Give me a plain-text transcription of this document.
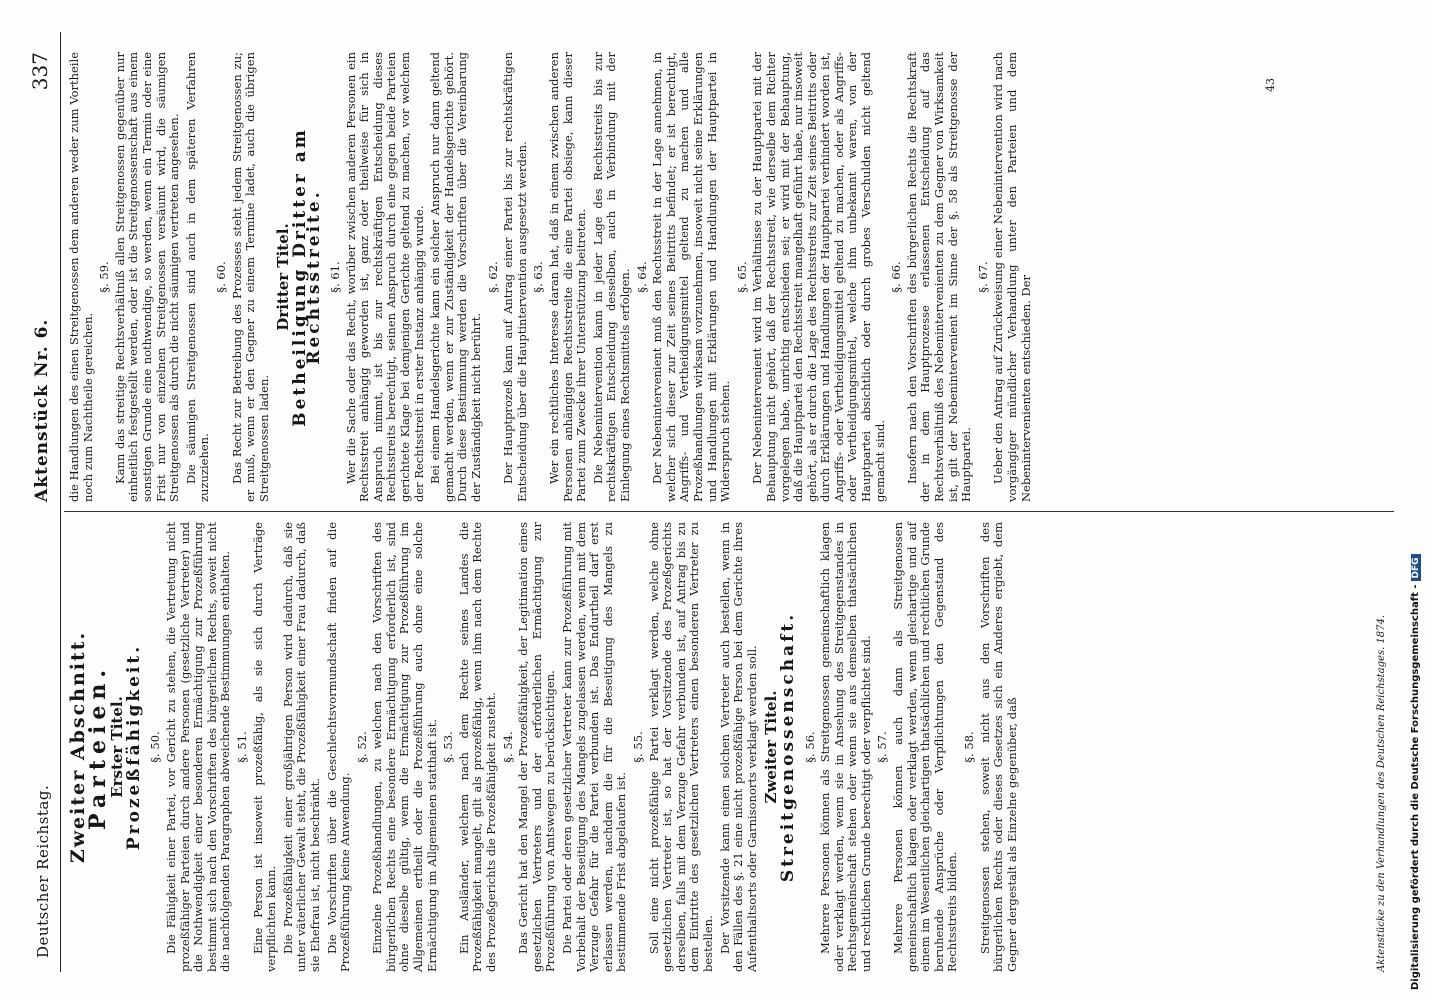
Deutscher Reichstag.
Aktenstück Nr. 6.
337
Zweiter Abschnitt.
Parteien.
Erster Titel.
Prozeßfähigkeit. §. 50. Die Fähigkeit einer Partei, vor Gericht zu stehen, die Vertretung nicht prozeßfähiger Parteien durch andere Personen (gesetzliche Vertreter) und die Nothwendigkeit einer besonderen Ermächtigung zur Prozeßführung bestimmt sich nach den Vorschriften des bürgerlichen Rechts, soweit nicht die nachfolgenden Paragraphen abweichende Bestimmungen enthalten. §. 51. Eine Person ist insoweit prozeßfähig, als sie sich durch Verträge verpflichten kann. Die Prozeßfähigkeit einer großjährigen Person wird dadurch, daß sie unter väterlicher Gewalt steht, die Prozeßfähigkeit einer Frau dadurch, daß sie Ehefrau ist, nicht beschränkt. Die Vorschriften über die Geschlechtsvormundschaft finden auf die Prozeßführung keine Anwendung.

§. 52. Einzelne Prozeßhandlungen, zu welchen nach den Vorschriften des bürgerlichen Rechts eine besondere Ermächtigung erforderlich ist, sind ohne dieselbe gültig, wenn die Ermächtigung zur Prozeßführung im Allgemeinen ertheilt oder die Prozeßführung auch ohne eine solche Ermächtigung im Allgemeinen statthaft ist. §. 53. Ein Ausländer, welchem nach dem Rechte seines Landes die Prozeßfähigkeit mangelt, gilt als prozeßfähig, wenn ihm nach dem Rechte des Prozeßgerichts die Prozeßfähigkeit zusteht. §. 54. Das Gericht hat den Mangel der Prozeßfähigkeit, der Legitimation eines gesetzlichen Vertreters und der erforderlichen Ermächtigung zur Prozeßführung von Amtswegen zu berücksichtigen. Die Partei oder deren gesetzlicher Vertreter kann zur Prozeßführung mit Vorbehalt der Beseitigung des Mangels zugelassen werden, wenn mit dem Verzuge Gefahr für die Partei verbunden ist. Das Endurtheil darf erst erlassen werden, nachdem die für die Beseitigung des Mangels zu bestimmende Frist abgelaufen ist.

§. 55. Soll eine nicht prozeßfähige Partei verklagt werden, welche ohne gesetzlichen Vertreter ist, so hat der Vorsitzende des Prozeßgerichts derselben, falls mit dem Verzuge Gefahr verbunden ist, auf Antrag bis zu dem Eintritte des gesetzlichen Vertreters einen besonderen Vertreter zu bestellen. Der Vorsitzende kann einen solchen Vertreter auch bestellen, wenn in den Fällen des §. 21 eine nicht prozeßfähige Person bei dem Gerichte ihres Aufenthaltsorts oder Garnisonorts verklagt werden soll. Zweiter Titel.
Streitgenossenschaft. §. 56. Mehrere Personen können als Streitgenossen gemeinschaftlich klagen oder verklagt werden, wenn sie in Ansehung des Streitgegenstandes in Rechtsgemeinschaft stehen oder wenn sie aus demselben thatsächlichen und rechtlichen Grunde berechtigt oder verpflichtet sind. §. 57. Mehrere Personen können auch dann als Streitgenossen gemeinschaftlich klagen oder verklagt werden, wenn gleichartige und auf einem im Wesentlichen gleichartigen thatsächlichen und rechtlichen Grunde beruhende Ansprüche oder Verpflichtungen den Gegenstand des Rechtsstreits bilden.

§. 58. Streitgenossen stehen, soweit nicht aus den Vorschriften des bürgerlichen Rechts oder dieses Gesetzes sich ein Anderes ergiebt, dem Gegner dergestalt als Einzelne gegenüber, daß

die Handlungen des einen Streitgenossen dem anderen weder zum Vortheile noch zum Nachtheile gereichen.

§. 59. Kann das streitige Rechtsverhältniß allen Streitgenossen gegenüber nur einheitlich festgestellt werden, oder ist die Streitgenossenschaft aus einem sonstigen Grunde eine nothwendige, so werden, wenn ein Termin oder eine Frist nur von einzelnen Streitgenossen versäumt wird, die säumigen Streitgenossen als durch die nicht säumigen vertreten angesehen. Die säumigen Streitgenossen sind auch in dem späteren Verfahren zuzuziehen.

§. 60. Das Recht zur Betreibung des Prozesses steht jedem Streitgenossen zu; er muß, wenn er den Gegner zu einem Termine ladet, auch die übrigen Streitgenossen laden.

Dritter Titel.
Betheiligung Dritter am Rechtsstreite. §. 61. Wer die Sache oder das Recht, worüber zwischen anderen Personen ein Rechtsstreit anhängig geworden ist, ganz oder theilweise für sich in Anspruch nimmt, ist bis zur rechtskräftigen Entscheidung dieses Rechtsstreits berechtigt, seinen Anspruch durch eine gegen beide Parteien gerichtete Klage bei demjenigen Gerichte geltend zu machen, vor welchem der Rechtsstreit in erster Instanz anhängig wurde. Bei einem Handelsgerichte kann ein solcher Anspruch nur dann geltend gemacht werden, wenn er zur Zuständigkeit der Handelsgerichte gehört. Durch diese Bestimmung werden die Vorschriften über die Vereinbarung der Zuständigkeit nicht berührt.

§. 62. Der Hauptprozeß kann auf Antrag einer Partei bis zur rechtskräftigen Entscheidung über die Hauptintervention ausgesetzt werden. §. 63. Wer ein rechtliches Interesse daran hat, daß in einem zwischen anderen Personen anhängigen Rechtsstreite die eine Partei obsiege, kann dieser Partei zum Zwecke ihrer Unterstützung beitreten. Die Nebenintervention kann in jeder Lage des Rechtsstreits bis zur rechtskräftigen Entscheidung desselben, auch in Verbindung mit der Einlegung eines Rechtsmittels erfolgen. §. 64. Der Nebenintervenient muß den Rechtsstreit in der Lage annehmen, in welcher sich dieser zur Zeit seines Beitritts befindet; er ist berechtigt, Angriffs- und Vertheidigungsmittel geltend zu machen und alle Prozeßhandlungen wirksam vorzunehmen, insoweit nicht seine Erklärungen und Handlungen mit Erklärungen und Handlungen der Hauptpartei in Widerspruch stehen.

§. 65. Der Nebenintervenient wird im Verhältnisse zu der Hauptpartei mit der Behauptung nicht gehört, daß der Rechtsstreit, wie derselbe dem Richter vorgelegen habe, unrichtig entschieden sei; er wird mit der Behauptung, daß die Hauptpartei den Rechtsstreit mangelhaft geführt habe, nur insoweit gehört, als er durch die Lage des Rechtsstreits zur Zeit seines Beitritts oder durch Erklärungen und Handlungen der Hauptpartei verhindert worden ist, Angriffs- oder Vertheidigungsmittel geltend zu machen, oder als Angriffs- oder Vertheidigungsmittel, welche ihm unbekannt waren, von der Hauptpartei absichtlich oder durch grobes Verschulden nicht geltend gemacht sind.

§. 66. Insofern nach den Vorschriften des bürgerlichen Rechts die Rechtskraft der in dem Hauptprozesse erlassenen Entscheidung auf das Rechtsverhältniß des Nebenintervenienten zu dem Gegner von Wirksamkeit ist, gilt der Nebenintervenient im Sinne der §. 58 als Streitgenosse der Hauptpartei.

§. 67. Ueber den Antrag auf Zurückweisung einer Nebenintervention wird nach vorgängiger mündlicher Verhandlung unter den Parteien und dem Nebenintervenienten entschieden. Der

43
Aktenstücke zu den Verhandlungen des Deutschen Reichstages. 1874. Digitalisierung gefördert durch die Deutsche Forschungsgemeinschaft -DFG
